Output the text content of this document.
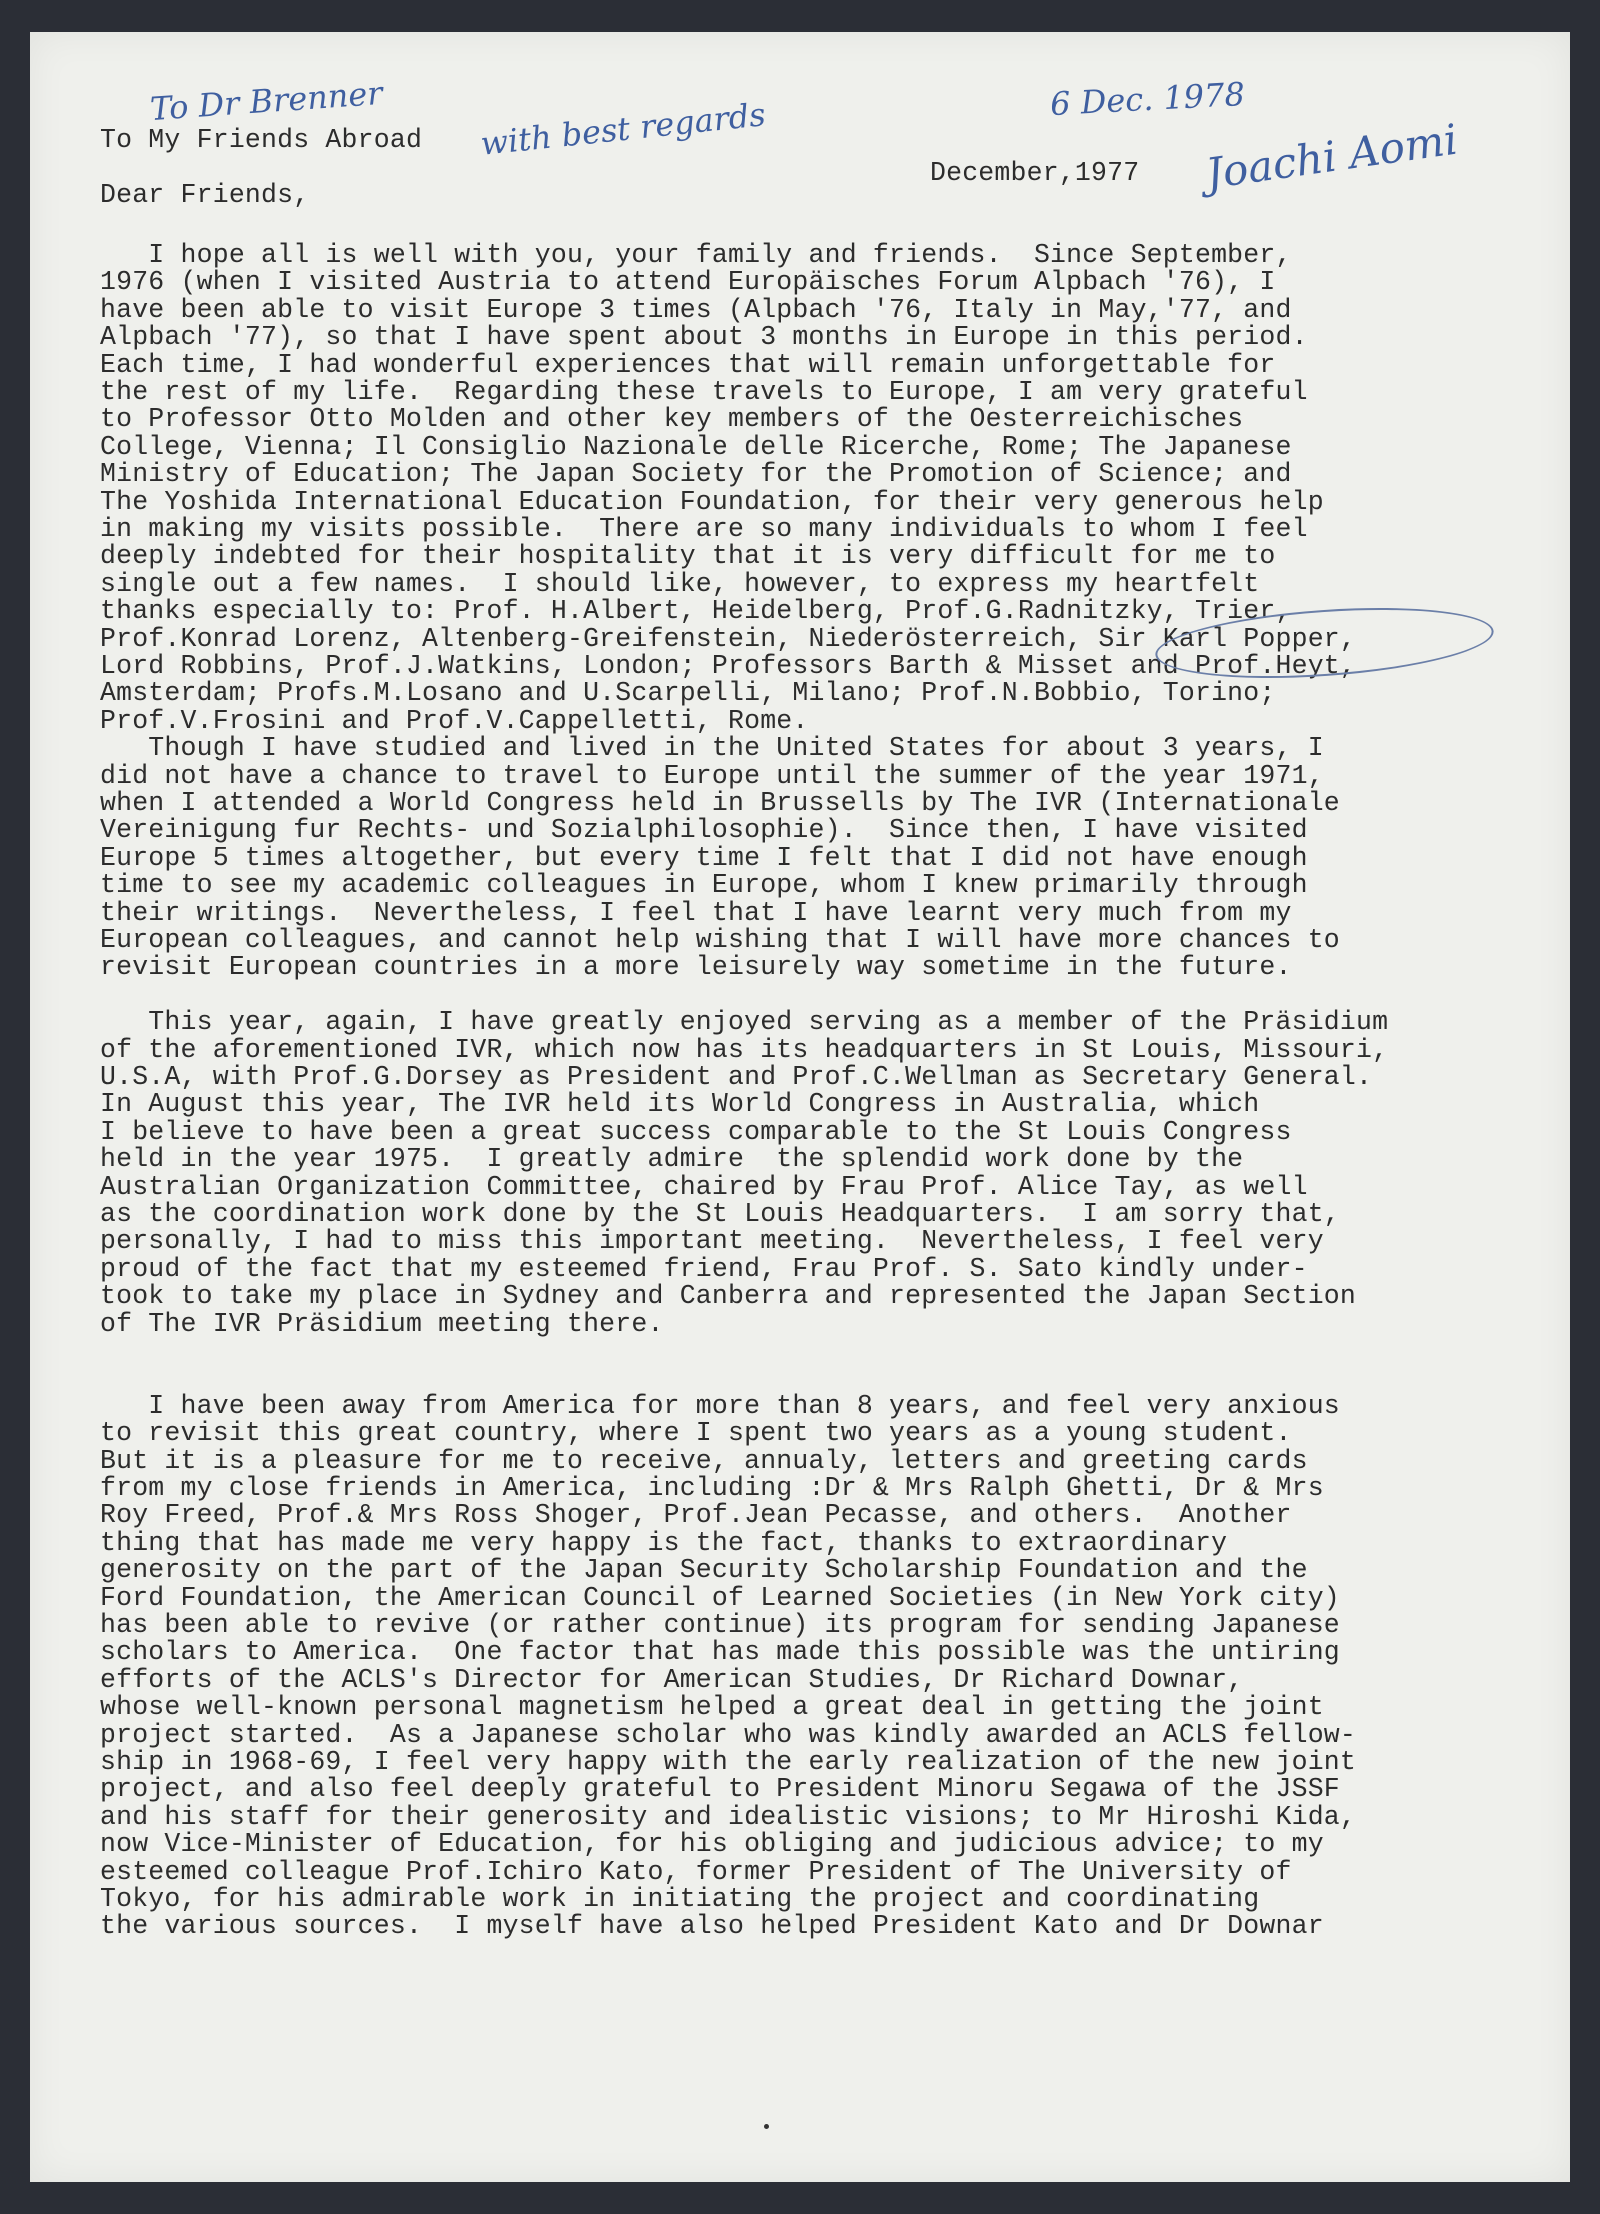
To Dr Brenner	with best regards	6 Dec. 1978
Joachi Aomi
To My Friends Abroad
December,1977
Dear Friends,
I hope all is well with you, your family and friends.  Since September,
1976 (when I visited Austria to attend Europäisches Forum Alpbach '76), I
have been able to visit Europe 3 times (Alpbach '76, Italy in May,'77, and
Alpbach '77), so that I have spent about 3 months in Europe in this period.
Each time, I had wonderful experiences that will remain unforgettable for
the rest of my life.  Regarding these travels to Europe, I am very grateful
to Professor Otto Molden and other key members of the Oesterreichisches
College, Vienna; Il Consiglio Nazionale delle Ricerche, Rome; The Japanese
Ministry of Education; The Japan Society for the Promotion of Science; and
The Yoshida International Education Foundation, for their very generous help
in making my visits possible.  There are so many individuals to whom I feel
deeply indebted for their hospitality that it is very difficult for me to
single out a few names.  I should like, however, to express my heartfelt
thanks especially to: Prof. H.Albert, Heidelberg, Prof.G.Radnitzky, Trier,
Prof.Konrad Lorenz, Altenberg-Greifenstein, Niederösterreich, Sir Karl Popper,
Lord Robbins, Prof.J.Watkins, London; Professors Barth & Misset and Prof.Heyt,
Amsterdam; Profs.M.Losano and U.Scarpelli, Milano; Prof.N.Bobbio, Torino;
Prof.V.Frosini and Prof.V.Cappelletti, Rome.
Though I have studied and lived in the United States for about 3 years, I
did not have a chance to travel to Europe until the summer of the year 1971,
when I attended a World Congress held in Brussells by The IVR (Internationale
Vereinigung fur Rechts- und Sozialphilosophie).  Since then, I have visited
Europe 5 times altogether, but every time I felt that I did not have enough
time to see my academic colleagues in Europe, whom I knew primarily through
their writings.  Nevertheless, I feel that I have learnt very much from my
European colleagues, and cannot help wishing that I will have more chances to
revisit European countries in a more leisurely way sometime in the future.
This year, again, I have greatly enjoyed serving as a member of the Präsidium
of the aforementioned IVR, which now has its headquarters in St Louis, Missouri,
U.S.A, with Prof.G.Dorsey as President and Prof.C.Wellman as Secretary General.
In August this year, The IVR held its World Congress in Australia, which
I believe to have been a great success comparable to the St Louis Congress
held in the year 1975.  I greatly admire  the splendid work done by the
Australian Organization Committee, chaired by Frau Prof. Alice Tay, as well
as the coordination work done by the St Louis Headquarters.  I am sorry that,
personally, I had to miss this important meeting.  Nevertheless, I feel very
proud of the fact that my esteemed friend, Frau Prof. S. Sato kindly under-
took to take my place in Sydney and Canberra and represented the Japan Section
of The IVR Präsidium meeting there.
I have been away from America for more than 8 years, and feel very anxious
to revisit this great country, where I spent two years as a young student.
But it is a pleasure for me to receive, annualy, letters and greeting cards
from my close friends in America, including :Dr & Mrs Ralph Ghetti, Dr & Mrs
Roy Freed, Prof.& Mrs Ross Shoger, Prof.Jean Pecasse, and others.  Another
thing that has made me very happy is the fact, thanks to extraordinary
generosity on the part of the Japan Security Scholarship Foundation and the
Ford Foundation, the American Council of Learned Societies (in New York city)
has been able to revive (or rather continue) its program for sending Japanese
scholars to America.  One factor that has made this possible was the untiring
efforts of the ACLS's Director for American Studies, Dr Richard Downar,
whose well-known personal magnetism helped a great deal in getting the joint
project started.  As a Japanese scholar who was kindly awarded an ACLS fellow-
ship in 1968-69, I feel very happy with the early realization of the new joint
project, and also feel deeply grateful to President Minoru Segawa of the JSSF
and his staff for their generosity and idealistic visions; to Mr Hiroshi Kida,
now Vice-Minister of Education, for his obliging and judicious advice; to my
esteemed colleague Prof.Ichiro Kato, former President of The University of
Tokyo, for his admirable work in initiating the project and coordinating
the various sources.  I myself have also helped President Kato and Dr Downar
